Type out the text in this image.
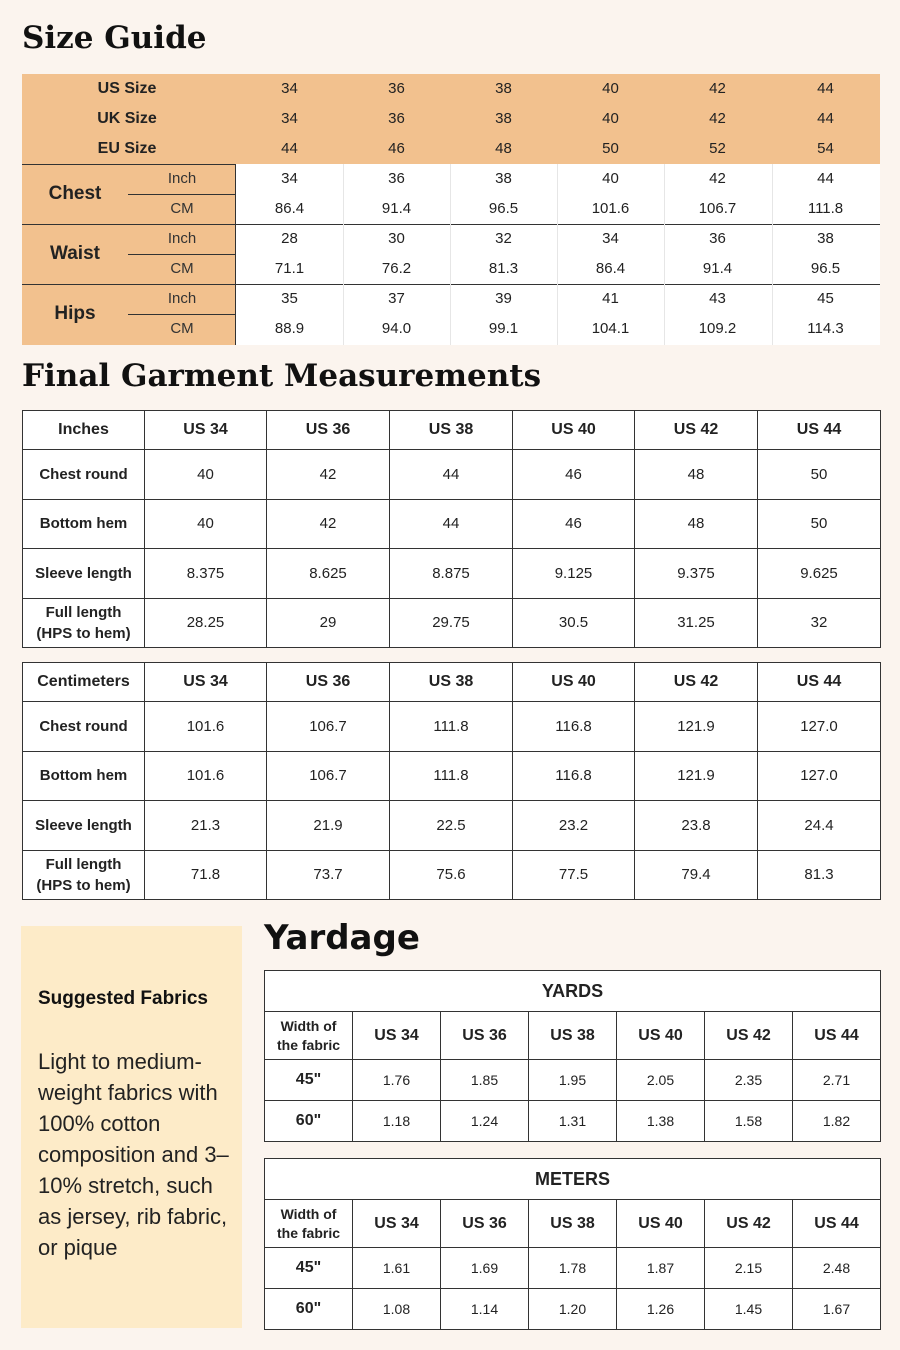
Size Guide
US Size	34	36	38	40	42	44
UK Size	34	36	38	40	42	44
EU Size	44	46	48	50	52	54
Chest
Inch	34	36	38	40	42	44
CM	86.4	91.4	96.5	101.6	106.7	111.8
Waist
Inch	28	30	32	34	36	38
CM	71.1	76.2	81.3	86.4	91.4	96.5
Hips
Inch	35	37	39	41	43	45
CM	88.9	94.0	99.1	104.1	109.2	114.3
Final Garment Measurements
Inches	US 34	US 36	US 38	US 40	US 42	US 44

Chest round	40	42	44	46	48	50

Bottom hem	40	42	44	46	48	50

Sleeve length	8.375	8.625	8.875	9.125	9.375	9.625

Full length
(HPS to hem)	28.25	29	29.75	30.5	31.25	32
Centimeters	US 34	US 36	US 38	US 40	US 42	US 44

Chest round	101.6	106.7	111.8	116.8	121.9	127.0

Bottom hem	101.6	106.7	111.8	116.8	121.9	127.0

Sleeve length	21.3	21.9	22.5	23.2	23.8	24.4

Full length
(HPS to hem)	71.8	73.7	75.6	77.5	79.4	81.3
Suggested Fabrics
Light to medium-weight fabrics with 100% cotton composition and 3–10% stretch, such as jersey, rib fabric, or pique
Yardage
YARDS						

Width of
the fabric	US 34	US 36	US 38	US 40	US 42	US 44
45"	1.76	1.85	1.95	2.05	2.35	2.71
60"	1.18	1.24	1.31	1.38	1.58	1.82
METERS						

Width of
the fabric	US 34	US 36	US 38	US 40	US 42	US 44
45"	1.61	1.69	1.78	1.87	2.15	2.48
60"	1.08	1.14	1.20	1.26	1.45	1.67
